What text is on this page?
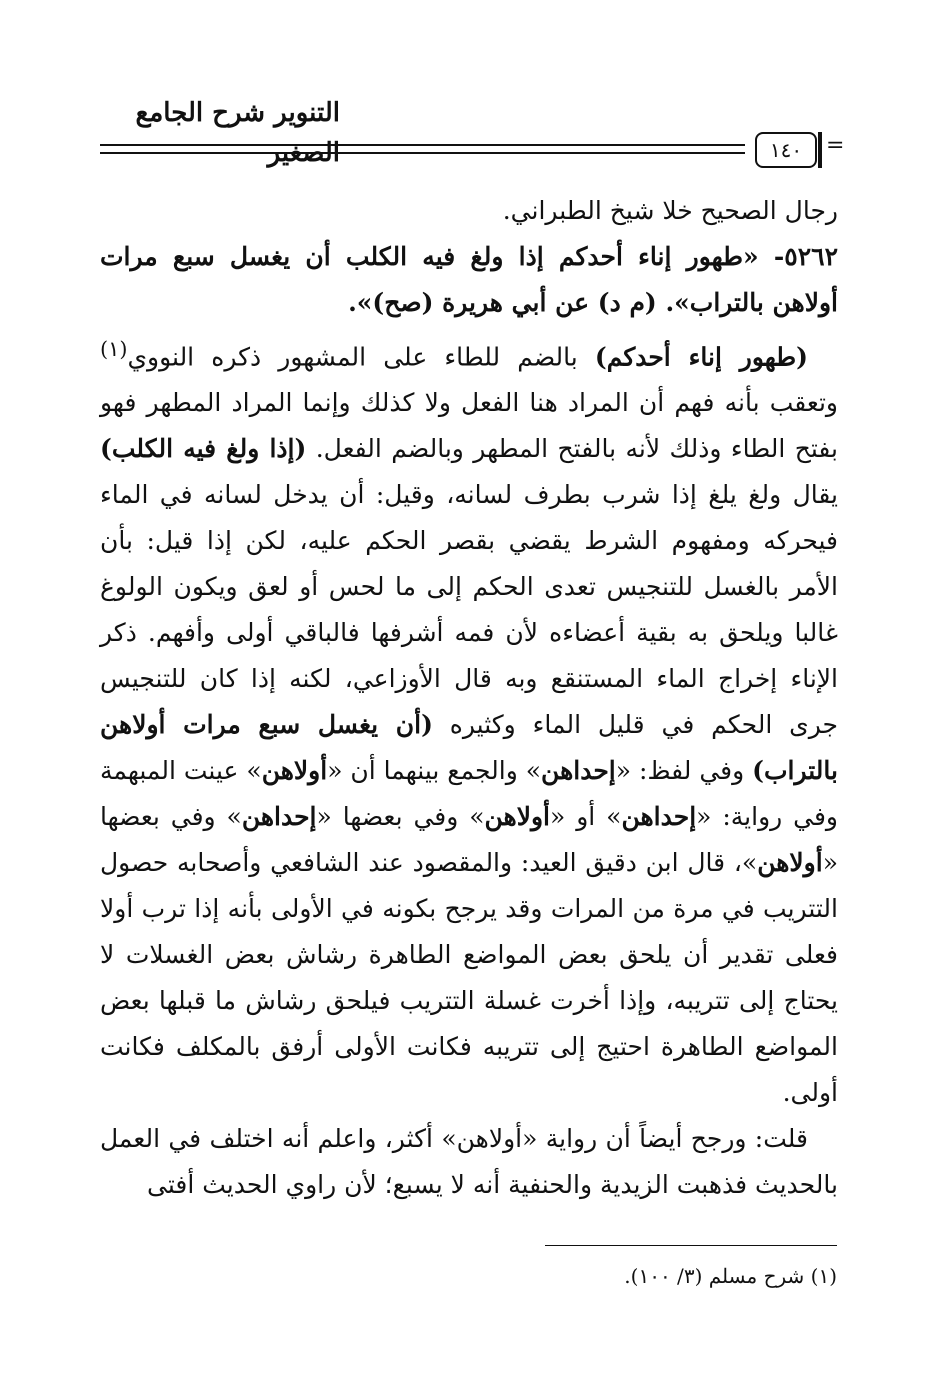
التنوير شرح الجامع الصغير	١٤٠	=

رجال الصحيح خلا شيخ الطبراني.

٥٢٦٢- «طهور إناء أحدكم إذا ولغ فيه الكلب أن يغسل سبع مرات أولاهن بالتراب». (م د) عن أبي هريرة (صح)».

(طهور إناء أحدكم) بالضم للطاء على المشهور ذكره النووي$^{(١)}$ وتعقب بأنه فهم أن المراد هنا الفعل ولا كذلك وإنما المراد المطهر فهو بفتح الطاء وذلك لأنه بالفتح المطهر وبالضم الفعل. (إذا ولغ فيه الكلب) يقال ولغ يلغ إذا شرب بطرف لسانه، وقيل: أن يدخل لسانه في الماء فيحركه ومفهوم الشرط يقضي بقصر الحكم عليه، لكن إذا قيل: بأن الأمر بالغسل للتنجيس تعدى الحكم إلى ما لحس أو لعق ويكون الولوغ غالبا ويلحق به بقية أعضاءه لأن فمه أشرفها فالباقي أولى وأفهم. ذكر الإناء إخراج الماء المستنقع وبه قال الأوزاعي، لكنه إذا كان للتنجيس جرى الحكم في قليل الماء وكثيره (أن يغسل سبع مرات أولاهن بالتراب) وفي لفظ: «إحداهن» والجمع بينهما أن «أولاهن» عينت المبهمة وفي رواية: «إحداهن» أو «أولاهن» وفي بعضها «إحداهن» وفي بعضها «أولاهن»، قال ابن دقيق العيد: والمقصود عند الشافعي وأصحابه حصول التتريب في مرة من المرات وقد يرجح بكونه في الأولى بأنه إذا ترب أولا فعلى تقدير أن يلحق بعض المواضع الطاهرة رشاش بعض الغسلات لا يحتاج إلى تتريبه، وإذا أخرت غسلة التتريب فيلحق رشاش ما قبلها بعض المواضع الطاهرة احتيج إلى تتريبه فكانت الأولى أرفق بالمكلف فكانت أولى.

قلت: ورجح أيضاً أن رواية «أولاهن» أكثر، واعلم أنه اختلف في العمل بالحديث فذهبت الزيدية والحنفية أنه لا يسبع؛ لأن راوي الحديث أفتى

(١) شرح مسلم (٣/ ١٠٠).
